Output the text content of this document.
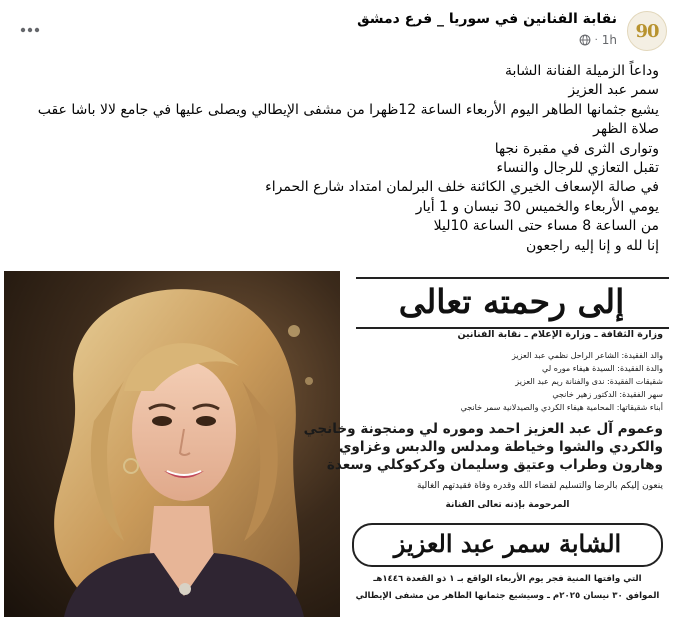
90
نقابة الفنانين في سوريا _ فرع دمشق
1h
·
وداعاً الزميلة الفنانة الشابة
سمر عبد العزيز
يشيع جثمانها الطاهر اليوم الأربعاء الساعة 12ظهرا من مشفى الإيطالي ويصلى عليها في جامع لالا باشا عقب صلاة الظهر
وتوارى الثرى في مقبرة نجها
تقبل التعازي للرجال والنساء
في صالة الإسعاف الخيري الكائنة خلف البرلمان امتداد شارع الحمراء
يومي الأربعاء والخميس 30 نيسان و 1 أيار
من الساعة 8 مساء حتى الساعة 10ليلا
إنا لله و إنا إليه راجعون
إلى رحمته تعالى
وزارة الثقافة ـ وزارة الإعلام ـ نقابة الفنانين
والد الفقيدة: الشاعر الراحل نظمي عبد العزيز
والدة الفقيدة: السيدة هيفاء موره لي
شقيقات الفقيدة: ندى والفنانة ريم عبد العزيز
سهر الفقيدة: الدكتور زهير خانجي
أبناء شقيقاتها: المحامية هيفاء الكردي والصيدلانية سمر خانجي
وعموم آل عبد العزيز احمد وموره لي ومنجونة وخانجي
والكردي والشوا وخياطة ومدلس والدبس وغزاوي
وهارون وطراب وعتيق وسليمان وكركوكلي وسعدة
ينعون إليكم بالرضا والتسليم لقضاء الله وقدره وفاة فقيدتهم الغالية
المرحومة بإذنه تعالى الفنانة
الشابة سمر عبد العزيز
التي وافتها المنية فجر يوم الأربعاء الواقع بـ ١ ذو القعدة ١٤٤٦هـ
الموافق ٣٠ نيسان ٢٠٢٥م ـ وسيشيع جثمانها الطاهر من مشفى الإيطالي
